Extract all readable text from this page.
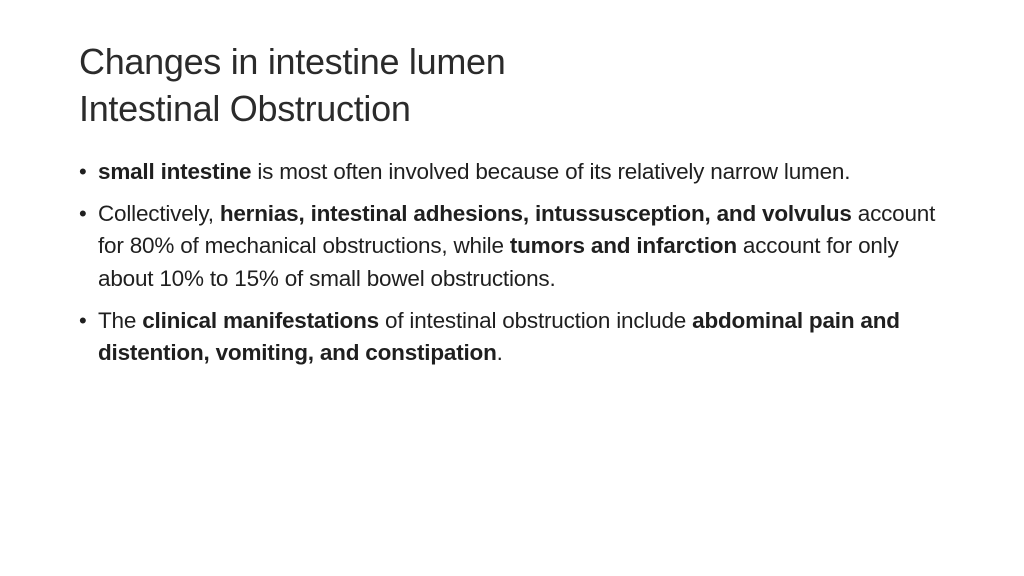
Changes in intestine lumen
Intestinal Obstruction
• small intestine is most often involved because of its relatively narrow lumen.
• Collectively, hernias, intestinal adhesions, intussusception, and volvulus account for 80% of mechanical obstructions, while tumors and infarction account for only about 10% to 15% of small bowel obstructions.
• The clinical manifestations of intestinal obstruction include abdominal pain and distention, vomiting, and constipation.
